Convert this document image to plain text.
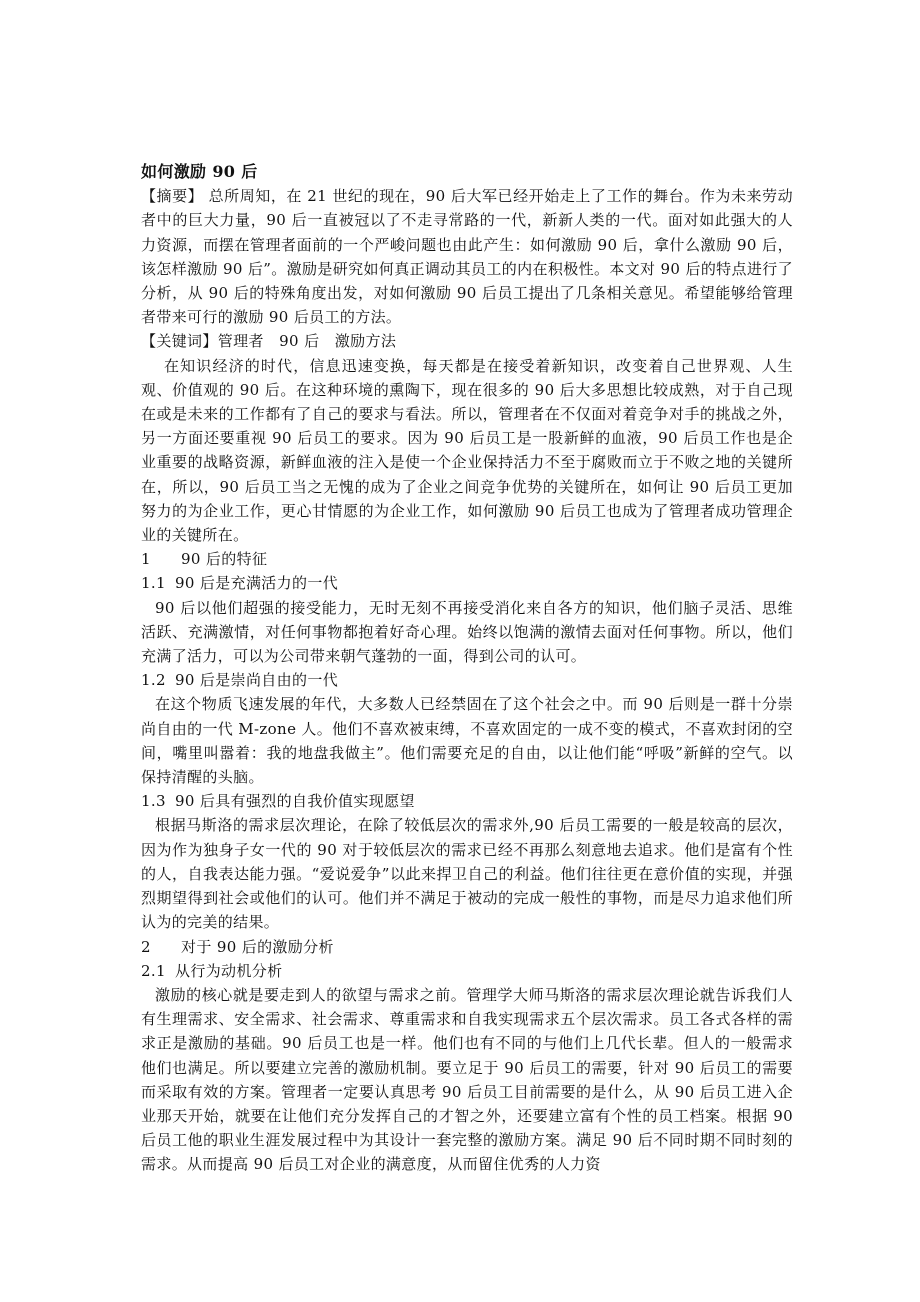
如何激励 90 后

【摘要】 总所周知，在 21 世纪的现在，90 后大军已经开始走上了工作的舞台。作为未来劳动者中的巨大力量，90 后一直被冠以了不走寻常路的一代，新新人类的一代。面对如此强大的人力资源，而摆在管理者面前的一个严峻问题也由此产生：如何激励 90 后，拿什么激励 90 后，该怎样激励 90 后”。激励是研究如何真正调动其员工的内在积极性。本文对 90 后的特点进行了分析，从 90 后的特殊角度出发，对如何激励 90 后员工提出了几条相关意见。希望能够给管理者带来可行的激励 90 后员工的方法。

【关键词】管理者　90 后　激励方法

在知识经济的时代，信息迅速变换，每天都是在接受着新知识，改变着自己世界观、人生观、价值观的 90 后。在这种环境的熏陶下，现在很多的 90 后大多思想比较成熟，对于自己现在或是未来的工作都有了自己的要求与看法。所以，管理者在不仅面对着竞争对手的挑战之外，另一方面还要重视 90 后员工的要求。因为 90 后员工是一股新鲜的血液，90 后员工作也是企业重要的战略资源，新鲜血液的注入是使一个企业保持活力不至于腐败而立于不败之地的关键所在，所以，90 后员工当之无愧的成为了企业之间竞争优势的关键所在，如何让 90 后员工更加努力的为企业工作，更心甘情愿的为企业工作，如何激励 90 后员工也成为了管理者成功管理企业的关键所在。

1 90 后的特征

1.1 90 后是充满活力的一代

90 后以他们超强的接受能力，无时无刻不再接受消化来自各方的知识，他们脑子灵活、思维活跃、充满激情，对任何事物都抱着好奇心理。始终以饱满的激情去面对任何事物。所以，他们充满了活力，可以为公司带来朝气蓬勃的一面，得到公司的认可。

1.2 90 后是崇尚自由的一代

在这个物质飞速发展的年代，大多数人已经禁固在了这个社会之中。而 90 后则是一群十分崇尚自由的一代 M-zone 人。他们不喜欢被束缚，不喜欢固定的一成不变的模式，不喜欢封闭的空间，嘴里叫嚣着：我的地盘我做主”。他们需要充足的自由，以让他们能“呼吸”新鲜的空气。以保持清醒的头脑。

1.3 90 后具有强烈的自我价值实现愿望

根据马斯洛的需求层次理论，在除了较低层次的需求外,90 后员工需要的一般是较高的层次，因为作为独身子女一代的 90 对于较低层次的需求已经不再那么刻意地去追求。他们是富有个性的人，自我表达能力强。“爱说爱争”以此来捍卫自己的利益。他们往往更在意价值的实现，并强烈期望得到社会或他们的认可。他们并不满足于被动的完成一般性的事物，而是尽力追求他们所认为的完美的结果。

2 对于 90 后的激励分析

2.1 从行为动机分析

激励的核心就是要走到人的欲望与需求之前。管理学大师马斯洛的需求层次理论就告诉我们人有生理需求、安全需求、社会需求、尊重需求和自我实现需求五个层次需求。员工各式各样的需求正是激励的基础。90 后员工也是一样。他们也有不同的与他们上几代长辈。但人的一般需求他们也满足。所以要建立完善的激励机制。要立足于 90 后员工的需要，针对 90 后员工的需要而采取有效的方案。管理者一定要认真思考 90 后员工目前需要的是什么，从 90 后员工进入企业那天开始，就要在让他们充分发挥自己的才智之外，还要建立富有个性的员工档案。根据 90 后员工他的职业生涯发展过程中为其设计一套完整的激励方案。满足 90 后不同时期不同时刻的需求。从而提高 90 后员工对企业的满意度，从而留住优秀的人力资
